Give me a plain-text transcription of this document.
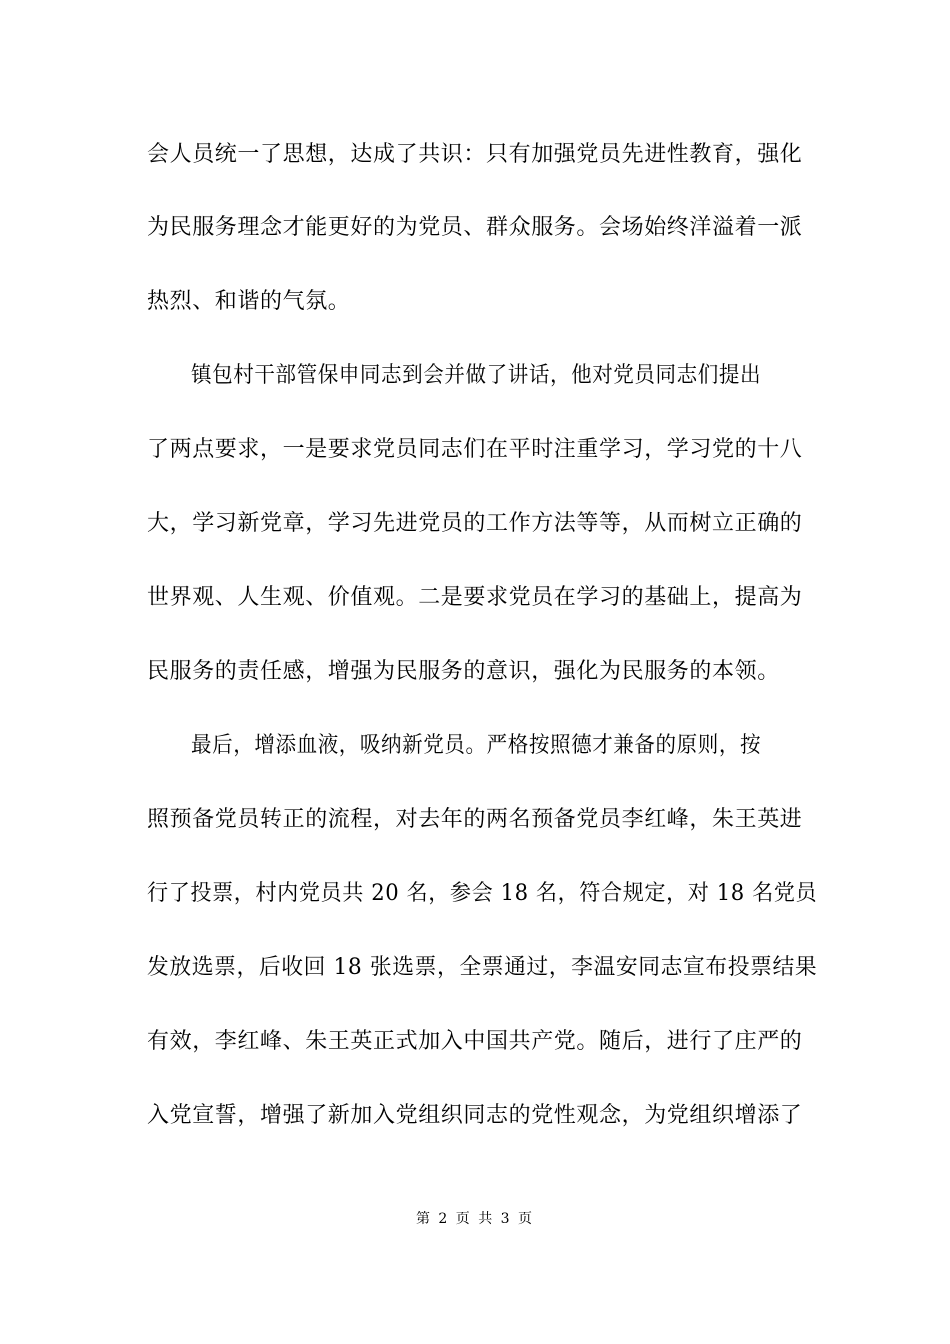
会人员统一了思想，达成了共识：只有加强党员先进性教育，强化
为民服务理念才能更好的为党员、群众服务。会场始终洋溢着一派
热烈、和谐的气氛。
镇包村干部管保申同志到会并做了讲话，他对党员同志们提出
了两点要求，一是要求党员同志们在平时注重学习，学习党的十八
大，学习新党章，学习先进党员的工作方法等等，从而树立正确的
世界观、人生观、价值观。二是要求党员在学习的基础上，提高为
民服务的责任感，增强为民服务的意识，强化为民服务的本领。
最后，增添血液，吸纳新党员。严格按照德才兼备的原则，按
照预备党员转正的流程，对去年的两名预备党员李红峰，朱王英进
行了投票，村内党员共 20 名，参会 18 名，符合规定，对 18 名党员
发放选票，后收回 18 张选票，全票通过，李温安同志宣布投票结果
有效，李红峰、朱王英正式加入中国共产党。随后，进行了庄严的
入党宣誓，增强了新加入党组织同志的党性观念，为党组织增添了
第 2 页 共 3 页
